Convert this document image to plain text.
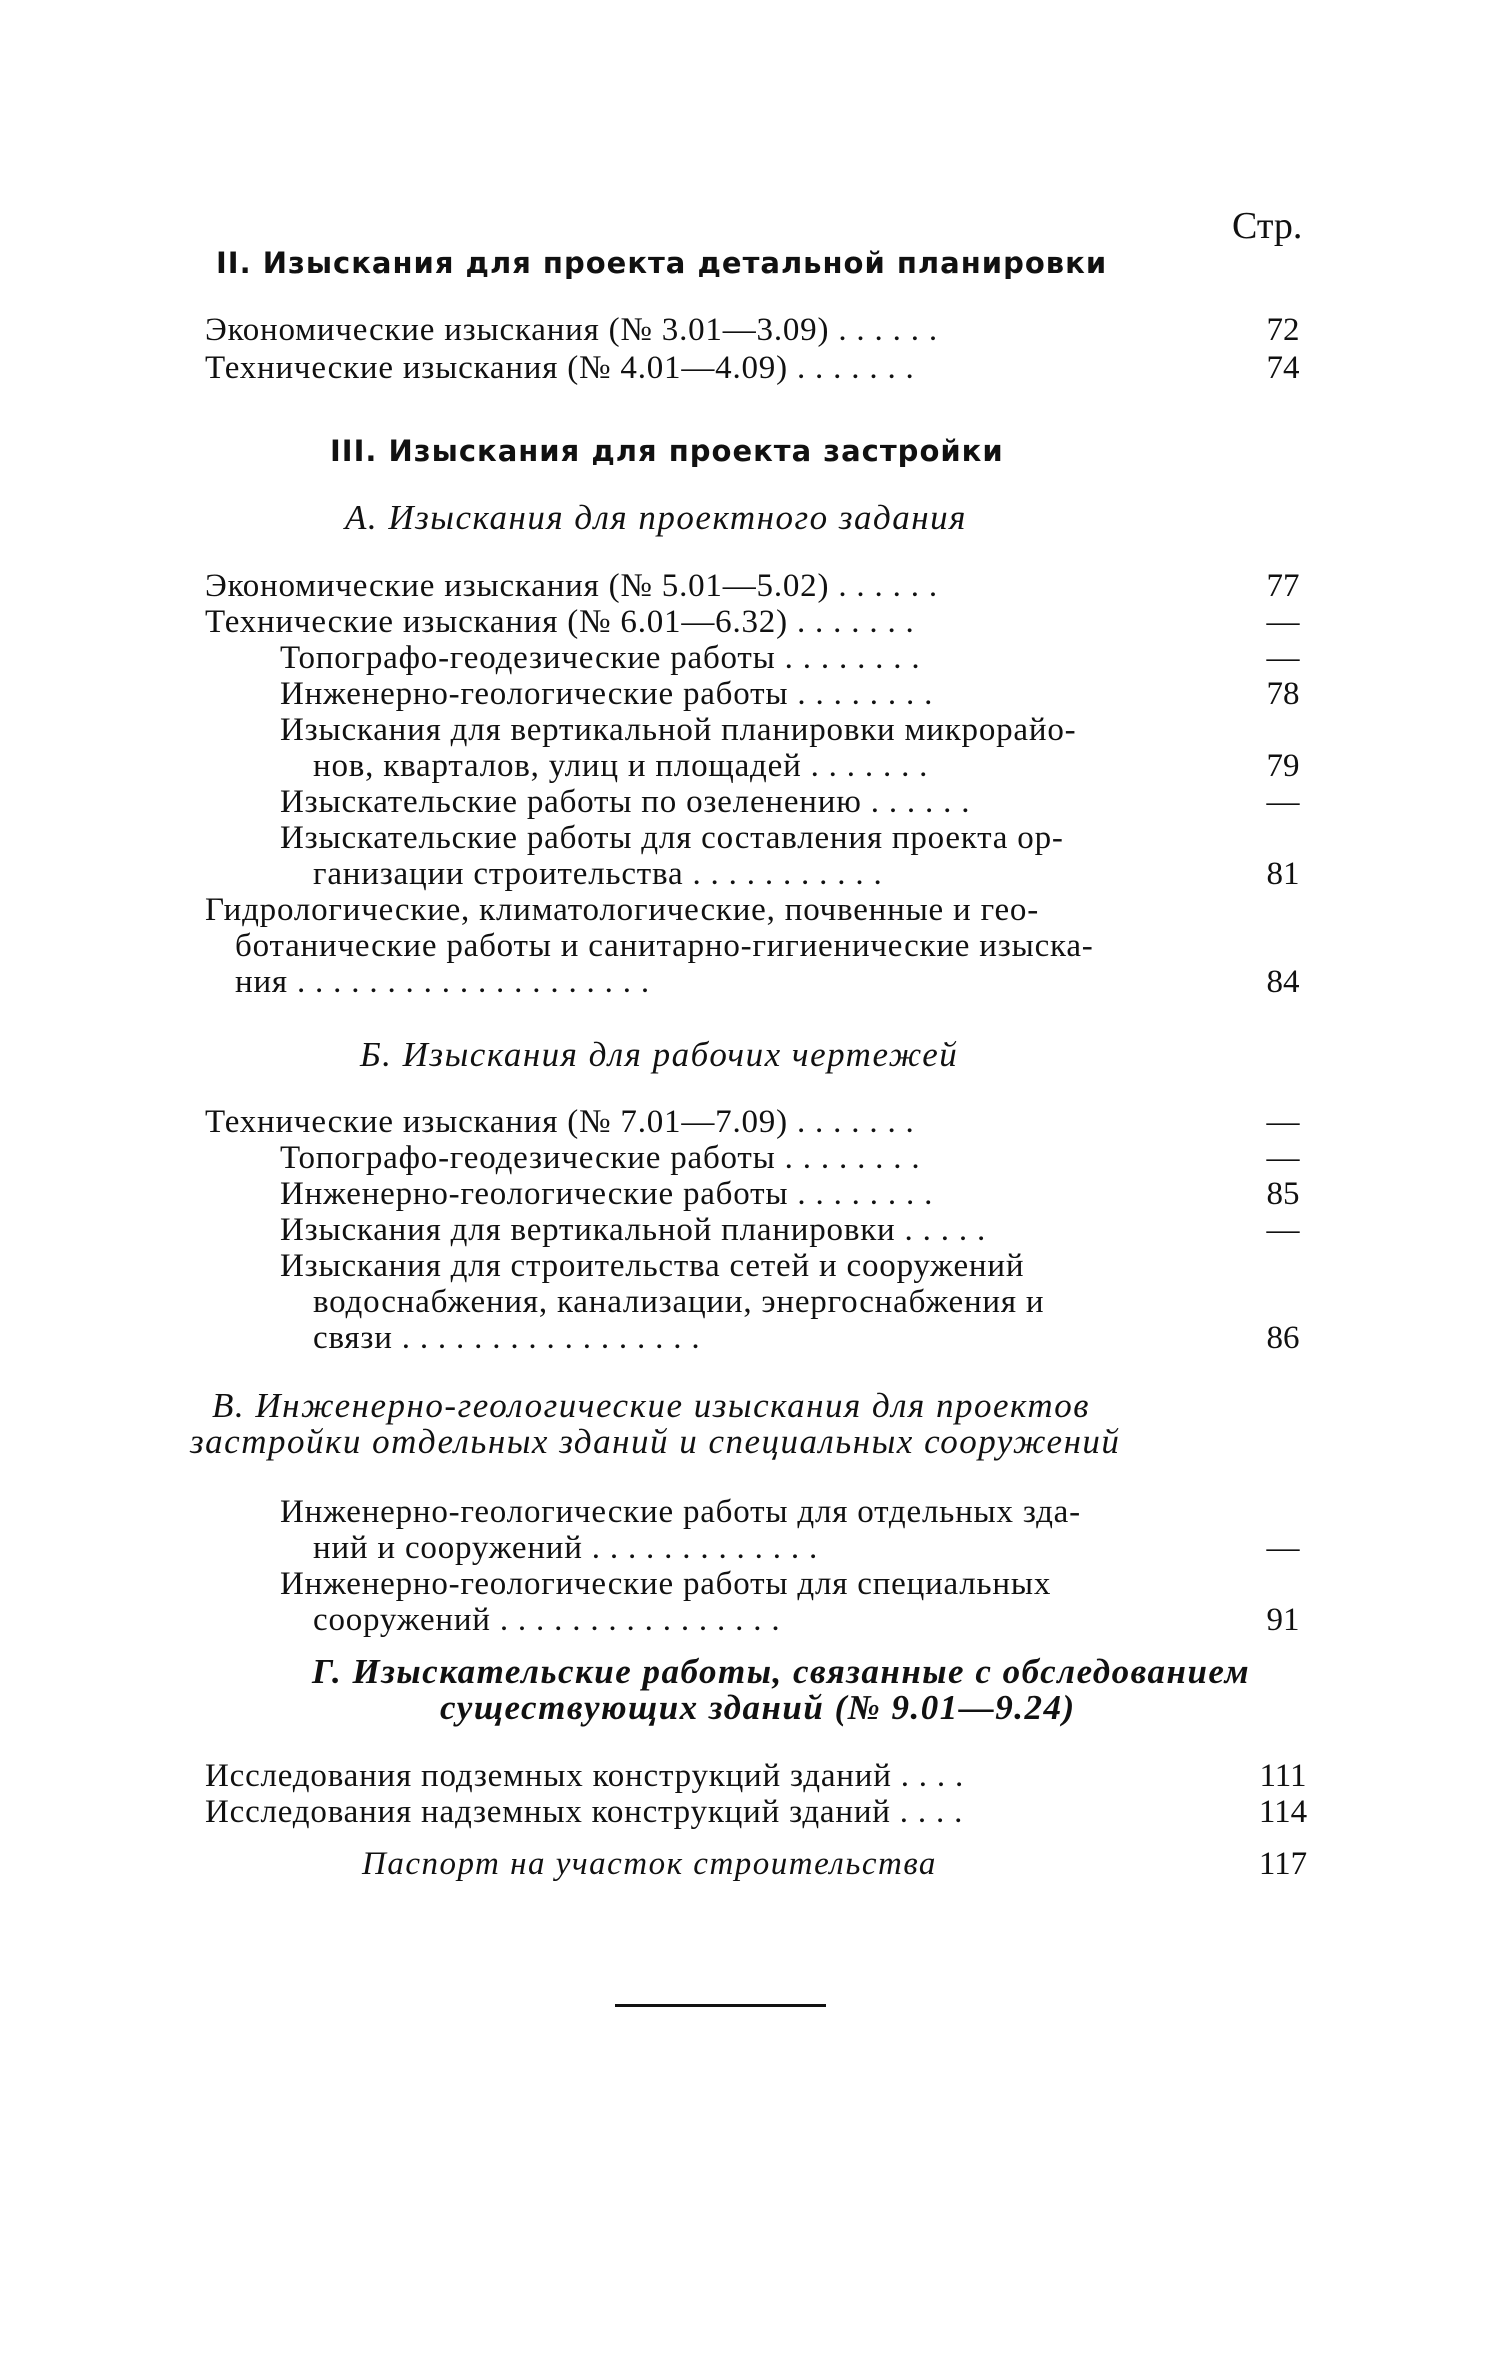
Стр.
II. Изыскания для проекта детальной планировки
Экономические изыскания (№ 3.01—3.09) . . . . . .	72
Технические изыскания (№ 4.01—4.09) . . . . . . .	74
III. Изыскания для проекта застройки
А. Изыскания для проектного задания
Экономические изыскания (№ 5.01—5.02) . . . . . .	77
Технические изыскания (№ 6.01—6.32) . . . . . . .	—
Топографо-геодезические работы . . . . . . . .	—
Инженерно-геологические работы . . . . . . . .	78
Изыскания для вертикальной планировки микрорайо-
нов, кварталов, улиц и площадей . . . . . . .	79
Изыскательские работы по озеленению . . . . . .	—
Изыскательские работы для составления проекта ор-
ганизации строительства . . . . . . . . . . .	81
Гидрологические, климатологические, почвенные и гео-
ботанические работы и санитарно-гигиенические изыска-
ния . . . . . . . . . . . . . . . . . . . .	84
Б. Изыскания для рабочих чертежей
Технические изыскания (№ 7.01—7.09) . . . . . . .	—
Топографо-геодезические работы . . . . . . . .	—
Инженерно-геологические работы . . . . . . . .	85
Изыскания для вертикальной планировки . . . . .	—
Изыскания для строительства сетей и сооружений
водоснабжения, канализации, энергоснабжения и
связи . . . . . . . . . . . . . . . . .	86
В. Инженерно-геологические изыскания для проектов
застройки отдельных зданий и специальных сооружений
Инженерно-геологические работы для отдельных зда-
ний и сооружений . . . . . . . . . . . . .	—
Инженерно-геологические работы для специальных
сооружений . . . . . . . . . . . . . . . .	91
Г. Изыскательские работы, связанные с обследованием
существующих зданий (№ 9.01—9.24)
Исследования подземных конструкций зданий . . . .	111
Исследования надземных конструкций зданий . . . .	114
Паспорт на участок строительства	117
